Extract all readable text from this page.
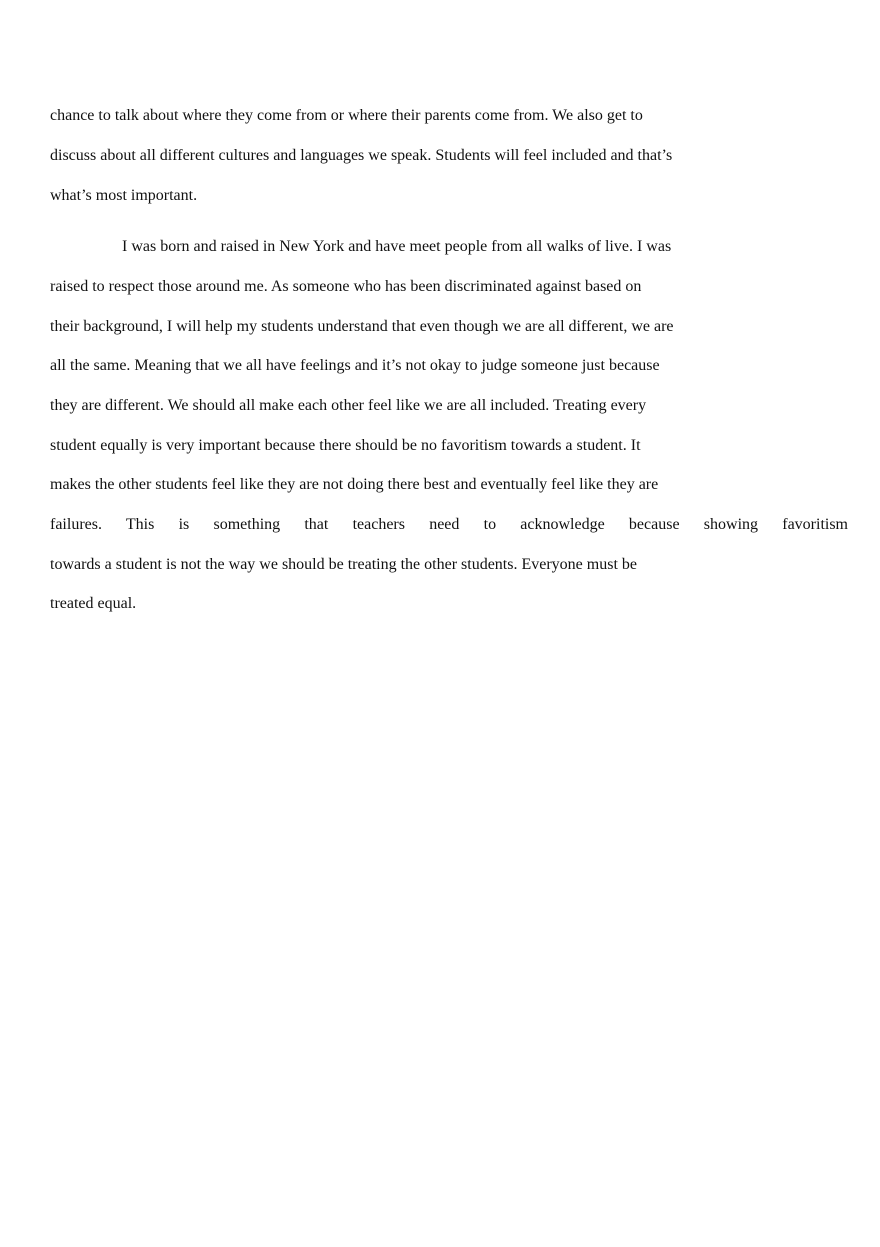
chance to talk about where they come from or where their parents come from. We also get to

discuss about all different cultures and languages we speak. Students will feel included and that’s

what’s most important.

I was born and raised in New York and have meet people from all walks of live. I was

raised to respect those around me. As someone who has been discriminated against based on

their background, I will help my students understand that even though we are all different, we are

all the same. Meaning that we all have feelings and it’s not okay to judge someone just because

they are different. We should all make each other feel like we are all included. Treating every

student equally is very important because there should be no favoritism towards a student. It

makes the other students feel like they are not doing there best and eventually feel like they are

failures. This is something that teachers need to acknowledge because showing favoritism

towards a student is not the way we should be treating the other students. Everyone must be

treated equal.
